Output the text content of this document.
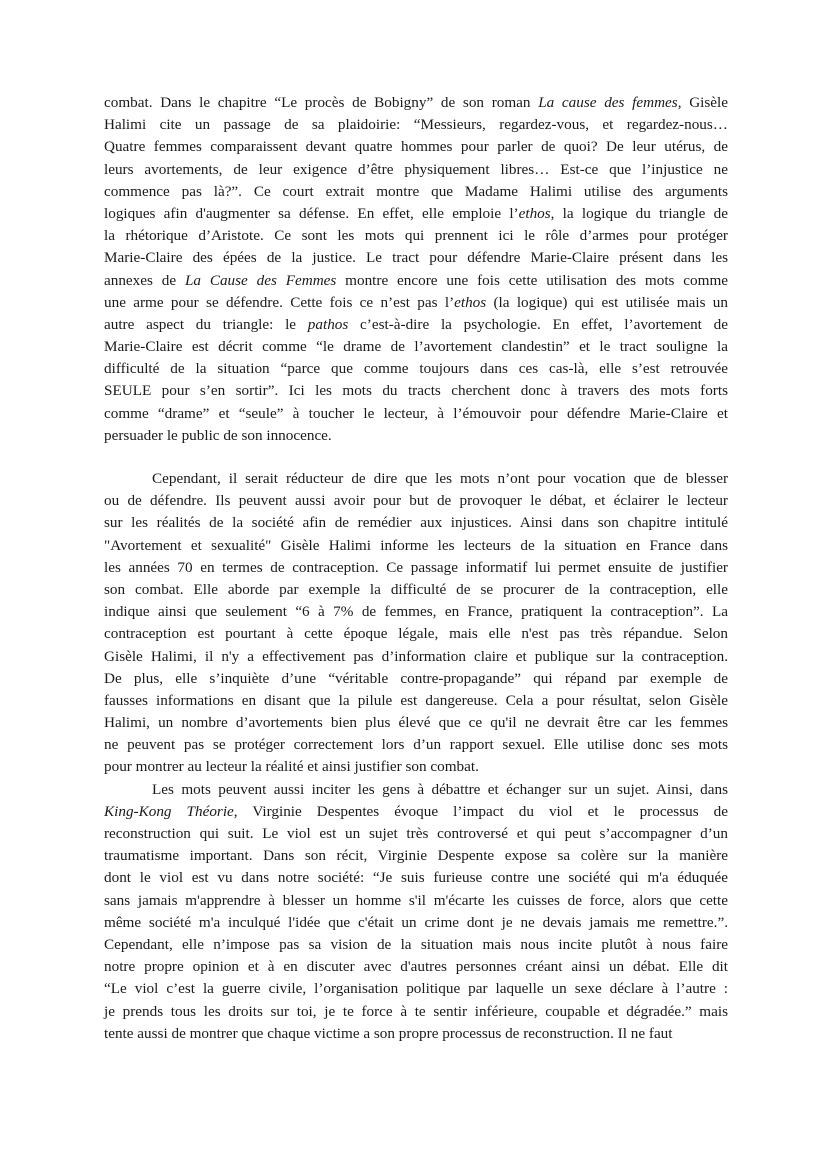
combat. Dans le chapitre “Le procès de Bobigny” de son roman La cause des femmes, Gisèle
Halimi cite un passage de sa plaidoirie: “Messieurs, regardez-vous, et regardez-nous…
Quatre femmes comparaissent devant quatre hommes pour parler de quoi? De leur utérus, de
leurs avortements, de leur exigence d’être physiquement libres… Est-ce que l’injustice ne
commence pas là?”. Ce court extrait montre que Madame Halimi utilise des arguments
logiques afin d'augmenter sa défense. En effet, elle emploie l’ethos, la logique du triangle de
la rhétorique d’Aristote. Ce sont les mots qui prennent ici le rôle d’armes pour protéger
Marie-Claire des épées de la justice. Le tract pour défendre Marie-Claire présent dans les
annexes de La Cause des Femmes montre encore une fois cette utilisation des mots comme
une arme pour se défendre. Cette fois ce n’est pas l’ethos (la logique) qui est utilisée mais un
autre aspect du triangle: le pathos c’est-à-dire la psychologie. En effet, l’avortement de
Marie-Claire est décrit comme “le drame de l’avortement clandestin” et le tract souligne la
difficulté de la situation “parce que comme toujours dans ces cas-là, elle s’est retrouvée
SEULE pour s’en sortir”. Ici les mots du tracts cherchent donc à travers des mots forts
comme “drame” et “seule” à toucher le lecteur, à l’émouvoir pour défendre Marie-Claire et
persuader le public de son innocence.
Cependant, il serait réducteur de dire que les mots n’ont pour vocation que de blesser
ou de défendre. Ils peuvent aussi avoir pour but de provoquer le débat, et éclairer le lecteur
sur les réalités de la société afin de remédier aux injustices. Ainsi dans son chapitre intitulé
"Avortement et sexualité" Gisèle Halimi informe les lecteurs de la situation en France dans
les années 70 en termes de contraception. Ce passage informatif lui permet ensuite de justifier
son combat. Elle aborde par exemple la difficulté de se procurer de la contraception, elle
indique ainsi que seulement “6 à 7% de femmes, en France, pratiquent la contraception”. La
contraception est pourtant à cette époque légale, mais elle n'est pas très répandue. Selon
Gisèle Halimi, il n'y a effectivement pas d’information claire et publique sur la contraception.
De plus, elle s’inquiète d’une “véritable contre-propagande” qui répand par exemple de
fausses informations en disant que la pilule est dangereuse. Cela a pour résultat, selon Gisèle
Halimi, un nombre d’avortements bien plus élevé que ce qu'il ne devrait être car les femmes
ne peuvent pas se protéger correctement lors d’un rapport sexuel. Elle utilise donc ses mots
pour montrer au lecteur la réalité et ainsi justifier son combat.
Les mots peuvent aussi inciter les gens à débattre et échanger sur un sujet. Ainsi, dans
King-Kong Théorie, Virginie Despentes évoque l’impact du viol et le processus de
reconstruction qui suit. Le viol est un sujet très controversé et qui peut s’accompagner d’un
traumatisme important. Dans son récit, Virginie Despente expose sa colère sur la manière
dont le viol est vu dans notre société: “Je suis furieuse contre une société qui m'a éduquée
sans jamais m'apprendre à blesser un homme s'il m'écarte les cuisses de force, alors que cette
même société m'a inculqué l'idée que c'était un crime dont je ne devais jamais me remettre.”.
Cependant, elle n’impose pas sa vision de la situation mais nous incite plutôt à nous faire
notre propre opinion et à en discuter avec d'autres personnes créant ainsi un débat. Elle dit
“Le viol c’est la guerre civile, l’organisation politique par laquelle un sexe déclare à l’autre :
je prends tous les droits sur toi, je te force à te sentir inférieure, coupable et dégradée.” mais
tente aussi de montrer que chaque victime a son propre processus de reconstruction. Il ne faut
